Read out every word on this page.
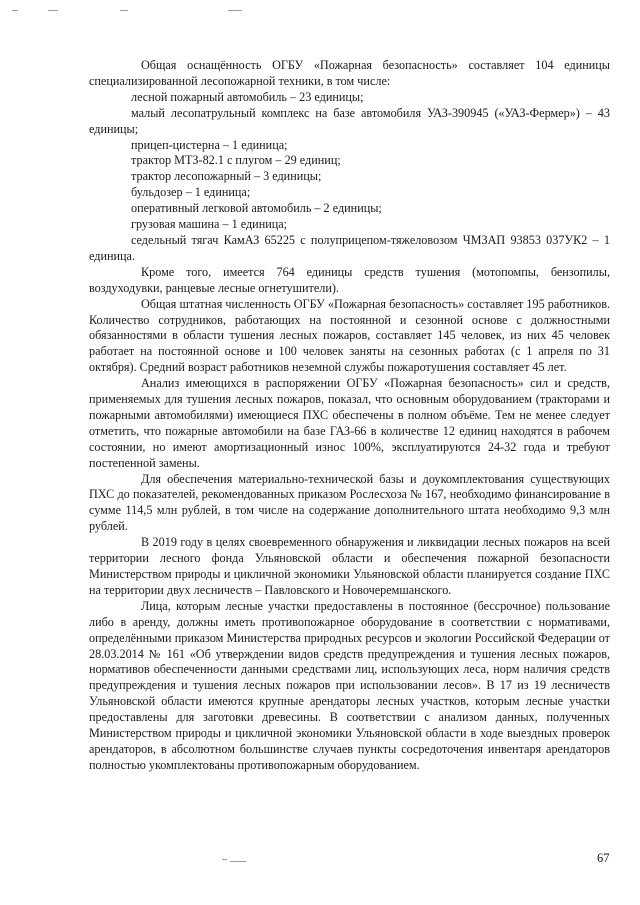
Общая оснащённость ОГБУ «Пожарная безопасность» составляет 104 единицы специализированной лесопожарной техники, в том числе:

лесной пожарный автомобиль – 23 единицы;

малый лесопатрульный комплекс на базе автомобиля УАЗ-390945 («УАЗ-Фермер») – 43 единицы;

прицеп-цистерна – 1 единица;

трактор МТЗ-82.1 с плугом – 29 единиц;

трактор лесопожарный – 3 единицы;

бульдозер – 1 единица;

оперативный легковой автомобиль – 2 единицы;

грузовая машина – 1 единица;

седельный тягач КамАЗ 65225 с полуприцепом-тяжеловозом ЧМЗАП 93853 037УК2 – 1 единица.

Кроме того, имеется 764 единицы средств тушения (мотопомпы, бензопилы, воздуходувки, ранцевые лесные огнетушители).

Общая штатная численность ОГБУ «Пожарная безопасность» составляет 195 работников. Количество сотрудников, работающих на постоянной и сезонной основе с должностными обязанностями в области тушения лесных пожаров, составляет 145 человек, из них 45 человек работает на постоянной основе и 100 человек заняты на сезонных работах (с 1 апреля по 31 октября). Средний возраст работников неземной службы пожаротушения составляет 45 лет.

Анализ имеющихся в распоряжении ОГБУ «Пожарная безопасность» сил и средств, применяемых для тушения лесных пожаров, показал, что основным оборудованием (тракторами и пожарными автомобилями) имеющиеся ПХС обеспечены в полном объёме. Тем не менее следует отметить, что пожарные автомобили на базе ГАЗ-66 в количестве 12 единиц находятся в рабочем состоянии, но имеют амортизационный износ 100%, эксплуатируются 24-32 года и требуют постепенной замены.

Для обеспечения материально-технической базы и доукомплектования существующих ПХС до показателей, рекомендованных приказом Рослесхоза № 167, необходимо финансирование в сумме 114,5 млн рублей, в том числе на содержание дополнительного штата необходимо 9,3 млн рублей.

В 2019 году в целях своевременного обнаружения и ликвидации лесных пожаров на всей территории лесного фонда Ульяновской области и обеспечения пожарной безопасности Министерством природы и цикличной экономики Ульяновской области планируется создание ПХС на территории двух лесничеств – Павловского и Новочеремшанского.

Лица, которым лесные участки предоставлены в постоянное (бессрочное) пользование либо в аренду, должны иметь противопожарное оборудование в соответствии с нормативами, определёнными приказом Министерства природных ресурсов и экологии Российской Федерации от 28.03.2014 № 161 «Об утверждении видов средств предупреждения и тушения лесных пожаров, нормативов обеспеченности данными средствами лиц, использующих леса, норм наличия средств предупреждения и тушения лесных пожаров при использовании лесов». В 17 из 19 лесничеств Ульяновской области имеются крупные арендаторы лесных участков, которым лесные участки предоставлены для заготовки древесины. В соответствии с анализом данных, полученных Министерством природы и цикличной экономики Ульяновской области в ходе выездных проверок арендаторов, в абсолютном большинстве случаев пункты сосредоточения инвентаря арендаторов полностью укомплектованы противопожарным оборудованием.

67
